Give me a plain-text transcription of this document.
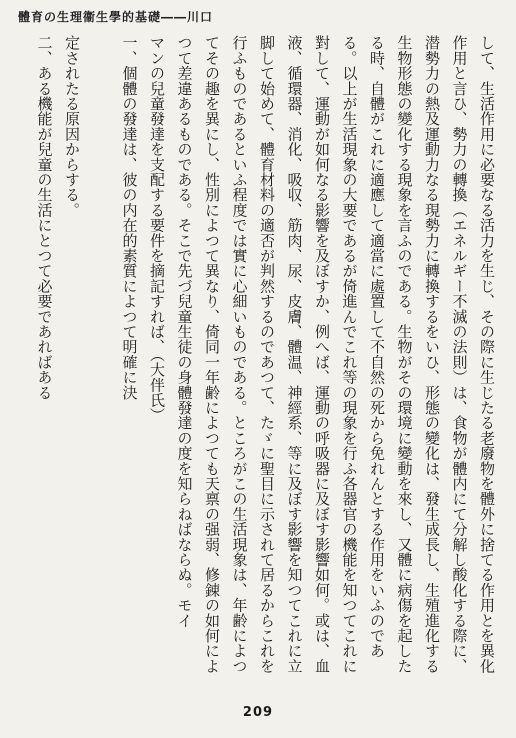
體育の生理衞生學的基礎――川口

して、生活作用に必要なる活力を生じ、その際に生じたる老廢物を體外に捨てる作用とを異化作用と言ひ、勢力の轉換（エネルギー不滅の法則）は、食物が體内にて分解し酸化する際に、潜勢力の熱及運動力なる現勢力に轉換するをいひ、形態の變化は、發生成長し、生殖進化する生物形態の變化する現象を言ふのである。生物がその環境に變動を來し、又體に病傷を起したる時、自體がこれに適應して適當に處置して不自然の死から免れんとする作用をいふのである。以上が生活現象の大要であるが倚進んでこれ等の現象を行ふ各器官の機能を知つてこれに對して、運動が如何なる影響を及ぼすか、例へば、運動の呼吸器に及ぼす影響如何。或は、血液、循環器、消化、吸収、筋肉、尿、皮膚、體温、神經系、等に及ぼす影響を知つてこれに立脚して始めて、體育材料の適否が判然するのであつて、たゞに聖目に示されて居るからこれを行ふものであるといふ程度では實に心細いものである。ところがこの生活現象は、年齢によつてその趣を異にし、性別によつて異なり、倚同一年齢によつても天禀の强弱、修錬の如何によつて差違あるものである。そこで先づ兒童生徒の身體發達の度を知らねばならぬ。モイ

マンの兒童發達を支配する要件を摘記すれば、（大伴氏）

一、個體の發達は、彼の内在的素質によつて明確に決

定されたる原因からする。

二、ある機能が兒童の生活にとつて必要であればある

209
